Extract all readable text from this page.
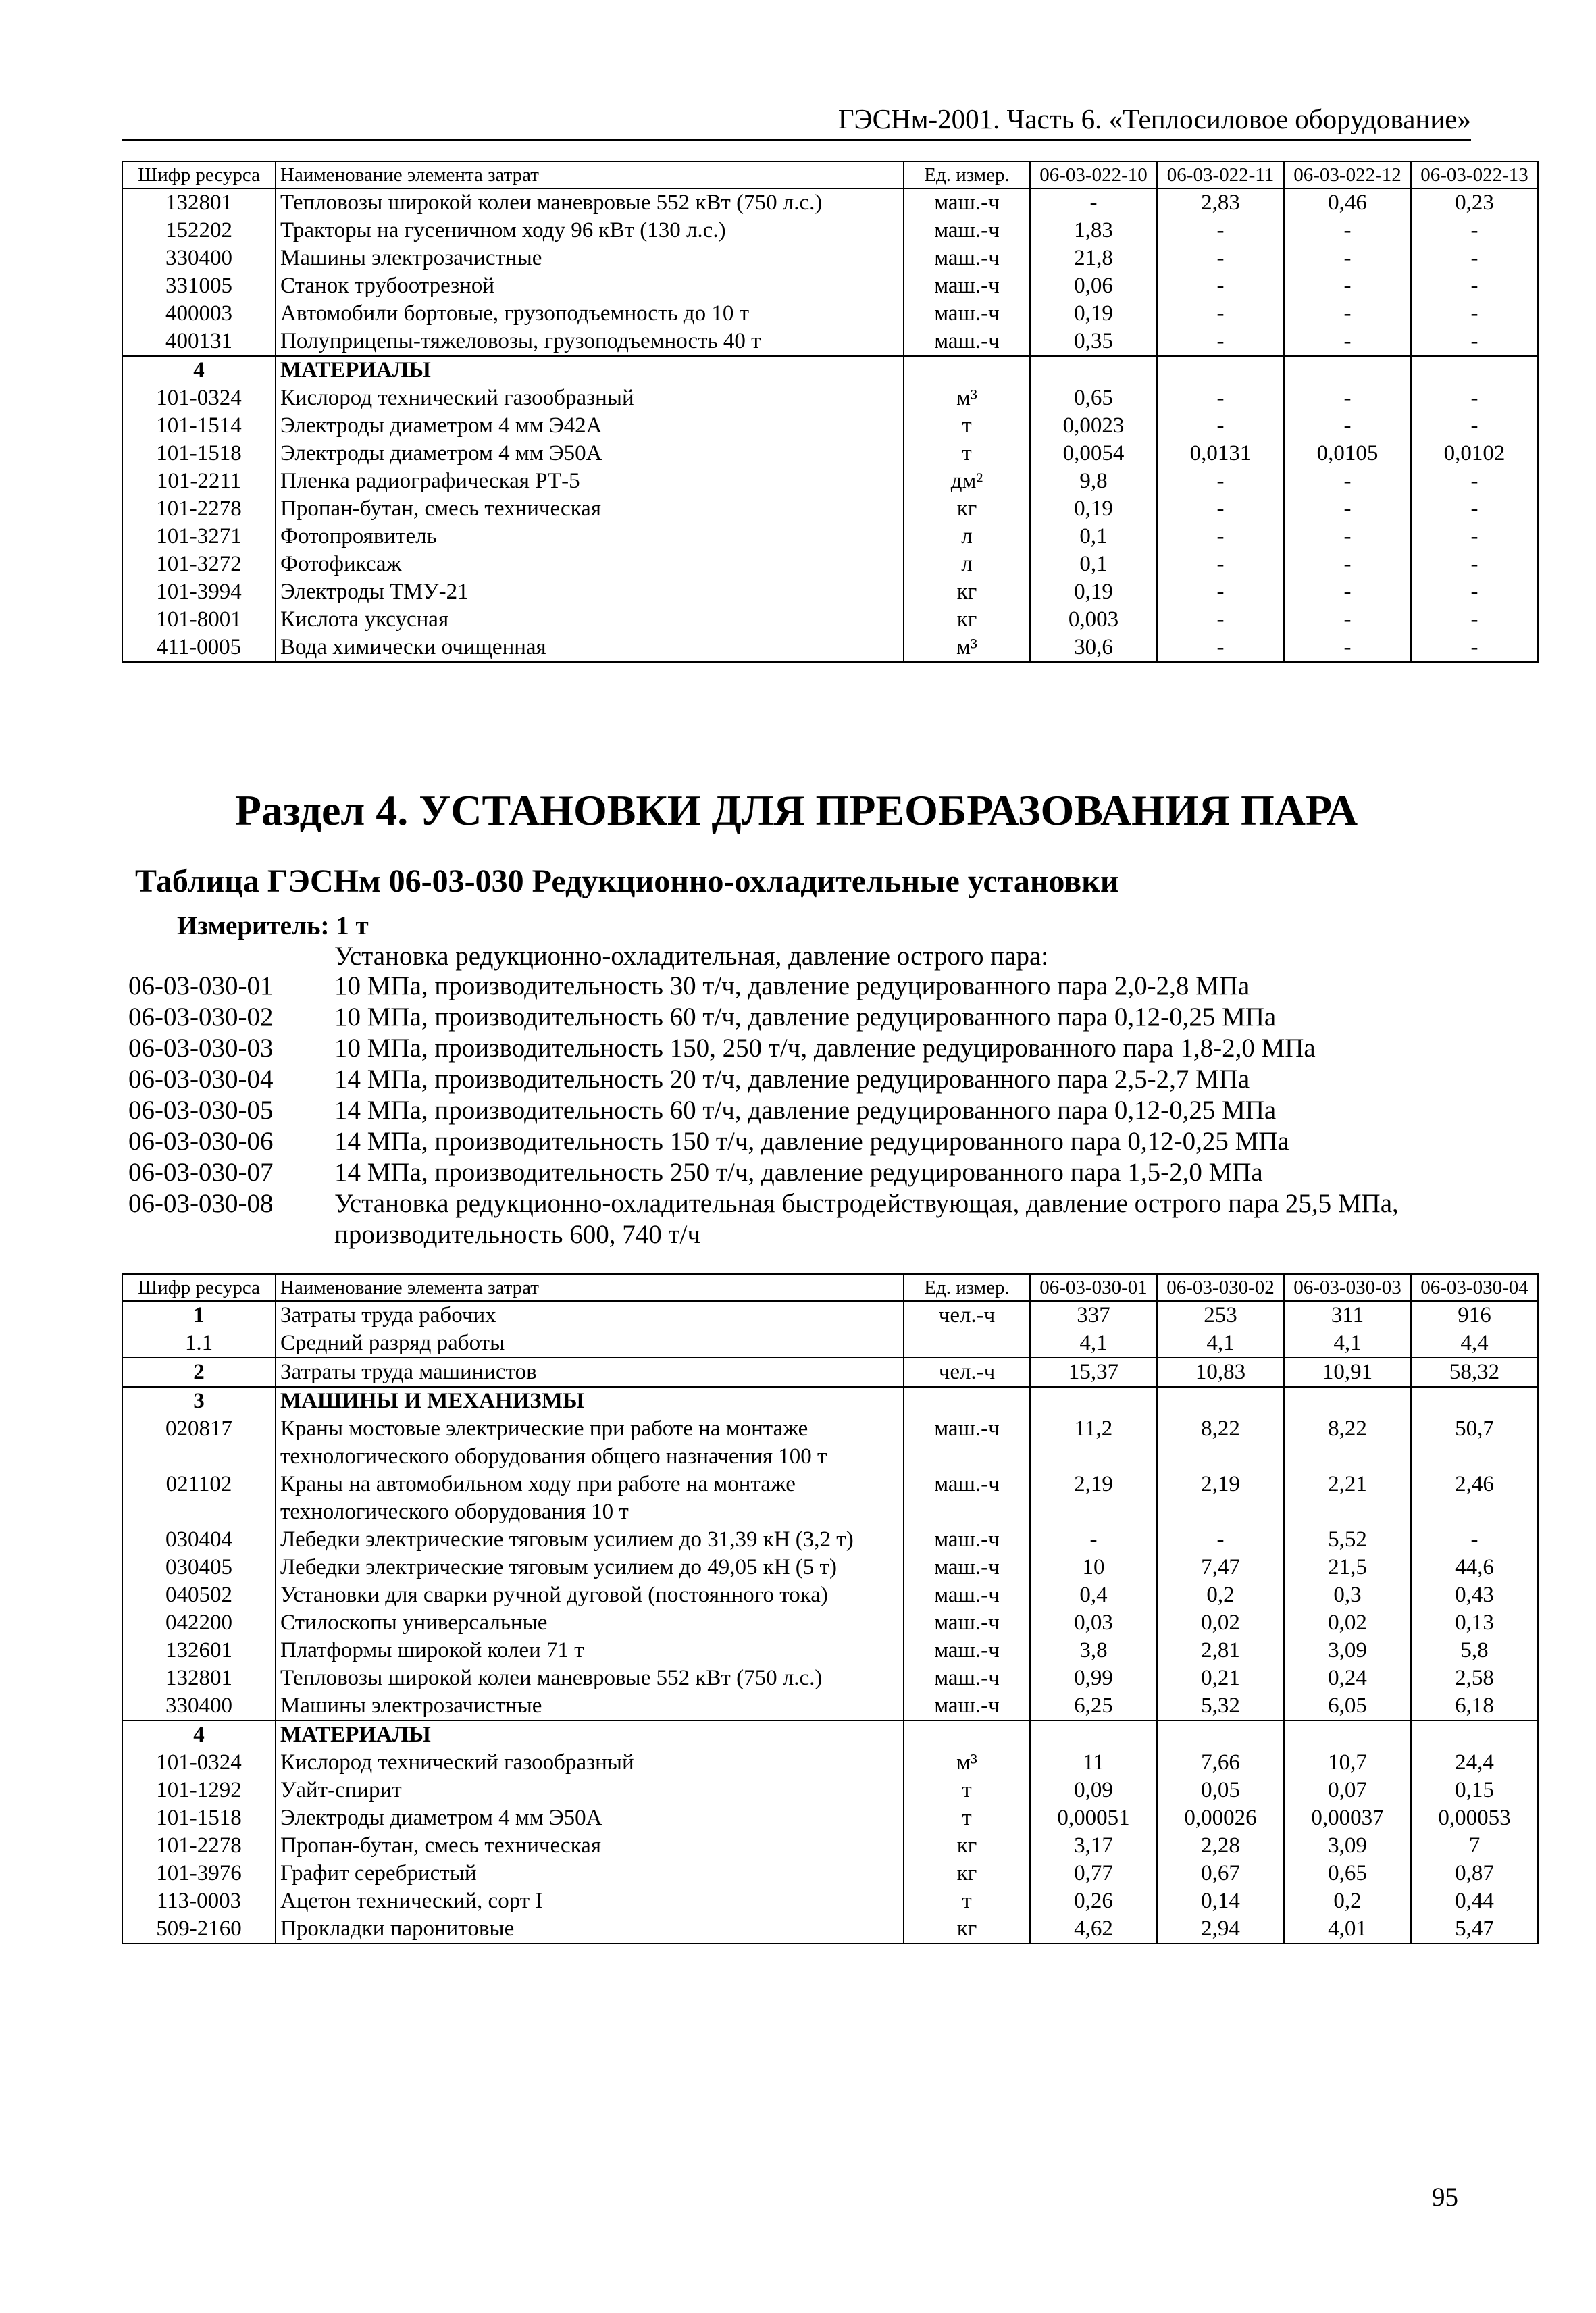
ГЭСНм-2001. Часть 6. «Теплосиловое оборудование»
Шифр ресурса	Наименование элемента затрат	Ед. измер.	06-03-022-10	06-03-022-11	06-03-022-12	06-03-022-13
132801	Тепловозы широкой колеи маневровые 552 кВт (750 л.с.)	маш.-ч	-	2,83	0,46	0,23
152202	Тракторы на гусеничном ходу 96 кВт (130 л.с.)	маш.-ч	1,83	-	-	-
330400	Машины электрозачистные	маш.-ч	21,8	-	-	-
331005	Станок трубоотрезной	маш.-ч	0,06	-	-	-
400003	Автомобили бортовые, грузоподъемность до 10 т	маш.-ч	0,19	-	-	-
400131	Полуприцепы-тяжеловозы, грузоподъемность 40 т	маш.-ч	0,35	-	-	-
4	МАТЕРИАЛЫ					
101-0324	Кислород технический газообразный	м³	0,65	-	-	-
101-1514	Электроды диаметром 4 мм Э42А	т	0,0023	-	-	-
101-1518	Электроды диаметром 4 мм Э50А	т	0,0054	0,0131	0,0105	0,0102
101-2211	Пленка радиографическая РТ-5	дм²	9,8	-	-	-
101-2278	Пропан-бутан, смесь техническая	кг	0,19	-	-	-
101-3271	Фотопроявитель	л	0,1	-	-	-
101-3272	Фотофиксаж	л	0,1	-	-	-
101-3994	Электроды ТМУ-21	кг	0,19	-	-	-
101-8001	Кислота уксусная	кг	0,003	-	-	-
411-0005	Вода химически очищенная	м³	30,6	-	-	-
Раздел 4. УСТАНОВКИ ДЛЯ ПРЕОБРАЗОВАНИЯ ПАРА
Таблица ГЭСНм 06-03-030 Редукционно-охладительные установки
Измеритель: 1 т
Установка редукционно-охладительная, давление острого пара:
06-03-030-01	10 МПа, производительность 30 т/ч, давление редуцированного пара 2,0-2,8 МПа
06-03-030-02	10 МПа, производительность 60 т/ч, давление редуцированного пара 0,12-0,25 МПа
06-03-030-03	10 МПа, производительность 150, 250 т/ч, давление редуцированного пара 1,8-2,0 МПа
06-03-030-04	14 МПа, производительность 20 т/ч, давление редуцированного пара 2,5-2,7 МПа
06-03-030-05	14 МПа, производительность 60 т/ч, давление редуцированного пара 0,12-0,25 МПа
06-03-030-06	14 МПа, производительность 150 т/ч, давление редуцированного пара 0,12-0,25 МПа
06-03-030-07	14 МПа, производительность 250 т/ч, давление редуцированного пара 1,5-2,0 МПа
06-03-030-08	Установка редукционно-охладительная быстродействующая, давление острого пара 25,5 МПа, производительность 600, 740 т/ч
Шифр ресурса	Наименование элемента затрат	Ед. измер.	06-03-030-01	06-03-030-02	06-03-030-03	06-03-030-04
1	Затраты труда рабочих	чел.-ч	337	253	311	916
1.1	Средний разряд работы		4,1	4,1	4,1	4,4
2	Затраты труда машинистов	чел.-ч	15,37	10,83	10,91	58,32
3	МАШИНЫ И МЕХАНИЗМЫ					
020817	Краны мостовые электрические при работе на монтаже технологического оборудования общего назначения 100 т	маш.-ч	11,2	8,22	8,22	50,7
021102	Краны на автомобильном ходу при работе на монтаже технологического оборудования 10 т	маш.-ч	2,19	2,19	2,21	2,46
030404	Лебедки электрические тяговым усилием до 31,39 кН (3,2 т)	маш.-ч	-	-	5,52	-
030405	Лебедки электрические тяговым усилием до 49,05 кН (5 т)	маш.-ч	10	7,47	21,5	44,6
040502	Установки для сварки ручной дуговой (постоянного тока)	маш.-ч	0,4	0,2	0,3	0,43
042200	Стилоскопы универсальные	маш.-ч	0,03	0,02	0,02	0,13
132601	Платформы широкой колеи 71 т	маш.-ч	3,8	2,81	3,09	5,8
132801	Тепловозы широкой колеи маневровые 552 кВт (750 л.с.)	маш.-ч	0,99	0,21	0,24	2,58
330400	Машины электрозачистные	маш.-ч	6,25	5,32	6,05	6,18
4	МАТЕРИАЛЫ					
101-0324	Кислород технический газообразный	м³	11	7,66	10,7	24,4
101-1292	Уайт-спирит	т	0,09	0,05	0,07	0,15
101-1518	Электроды диаметром 4 мм Э50А	т	0,00051	0,00026	0,00037	0,00053
101-2278	Пропан-бутан, смесь техническая	кг	3,17	2,28	3,09	7
101-3976	Графит серебристый	кг	0,77	0,67	0,65	0,87
113-0003	Ацетон технический, сорт I	т	0,26	0,14	0,2	0,44
509-2160	Прокладки паронитовые	кг	4,62	2,94	4,01	5,47
95
